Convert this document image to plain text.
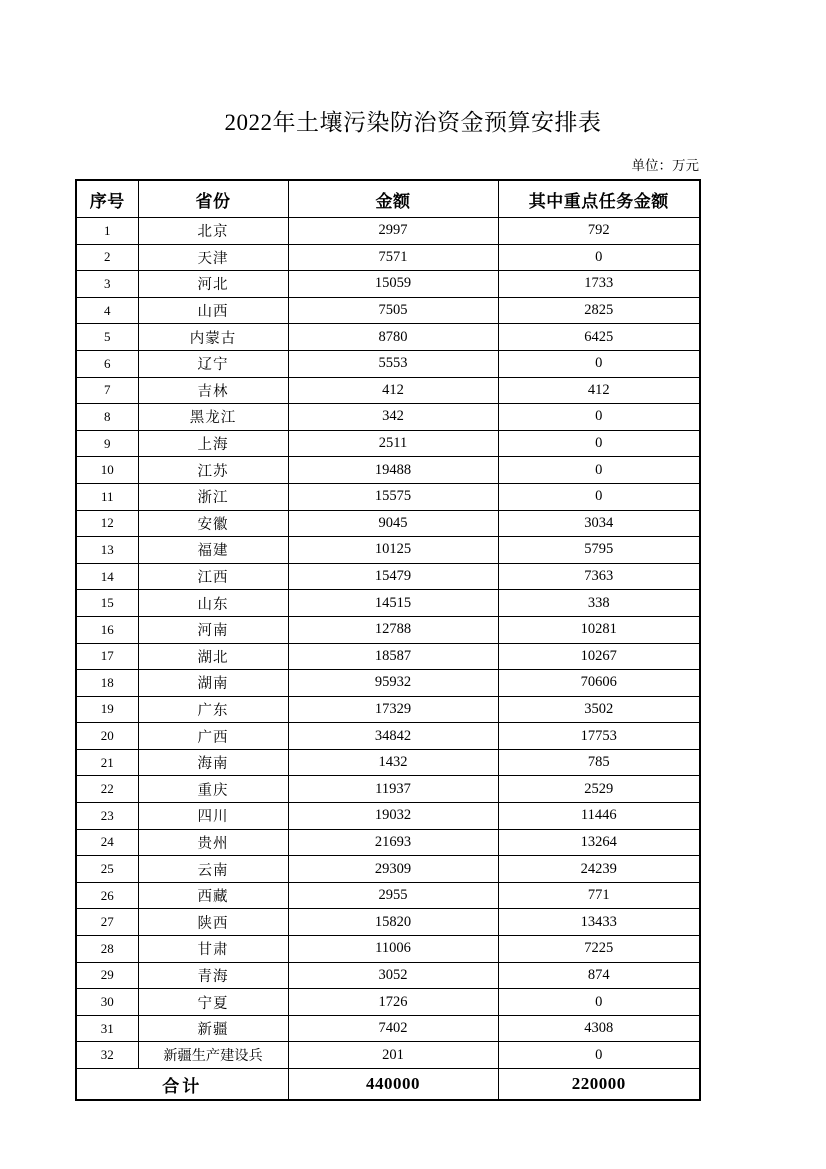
2022年土壤污染防治资金预算安排表
单位：万元
序号	省份	金额	其中重点任务金额
1	北京	2997	792
2	天津	7571	0
3	河北	15059	1733
4	山西	7505	2825
5	内蒙古	8780	6425
6	辽宁	5553	0
7	吉林	412	412
8	黑龙江	342	0
9	上海	2511	0
10	江苏	19488	0
11	浙江	15575	0
12	安徽	9045	3034
13	福建	10125	5795
14	江西	15479	7363
15	山东	14515	338
16	河南	12788	10281
17	湖北	18587	10267
18	湖南	95932	70606
19	广东	17329	3502
20	广西	34842	17753
21	海南	1432	785
22	重庆	11937	2529
23	四川	19032	11446
24	贵州	21693	13264
25	云南	29309	24239
26	西藏	2955	771
27	陕西	15820	13433
28	甘肃	11006	7225
29	青海	3052	874
30	宁夏	1726	0
31	新疆	7402	4308
32	新疆生产建设兵	201	0
合计		440000	220000
